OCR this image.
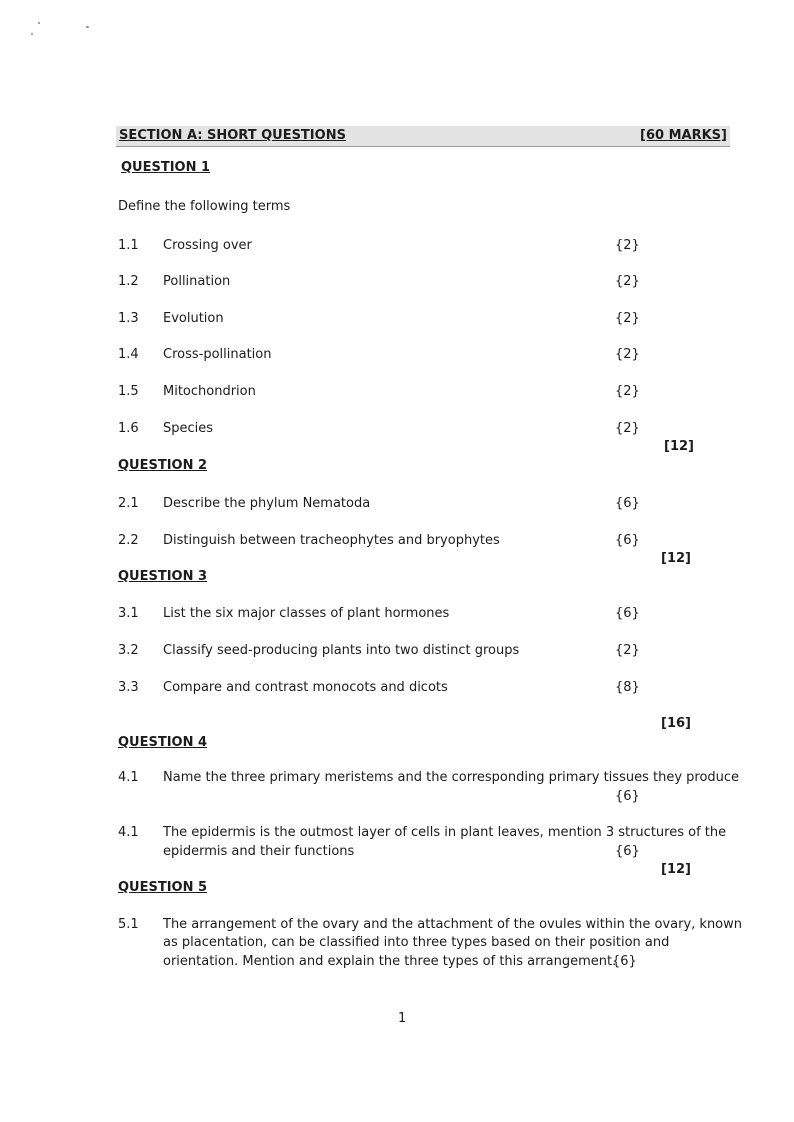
SECTION A: SHORT QUESTIONS	[60 MARKS]
QUESTION 1
Define the following terms
1.1 Crossing over	{2}
1.2 Pollination	{2}
1.3 Evolution	{2}
1.4 Cross-pollination	{2}
1.5 Mitochondrion	{2}
1.6 Species	{2}
[12]
QUESTION 2
2.1 Describe the phylum Nematoda	{6}
2.2 Distinguish between tracheophytes and bryophytes	{6}
[12]
QUESTION 3
3.1 List the six major classes of plant hormones	{6}
3.2 Classify seed-producing plants into two distinct groups	{2}
3.3 Compare and contrast monocots and dicots	{8}
[16]
QUESTION 4
4.1 Name the three primary meristems and the corresponding primary tissues they produce
{6}
4.1 The epidermis is the outmost layer of cells in plant leaves, mention 3 structures of the
epidermis and their functions	{6}
[12]
QUESTION 5
5.1 The arrangement of the ovary and the attachment of the ovules within the ovary, known
as placentation, can be classified into three types based on their position and
orientation. Mention and explain the three types of this arrangement.
{6}
1
